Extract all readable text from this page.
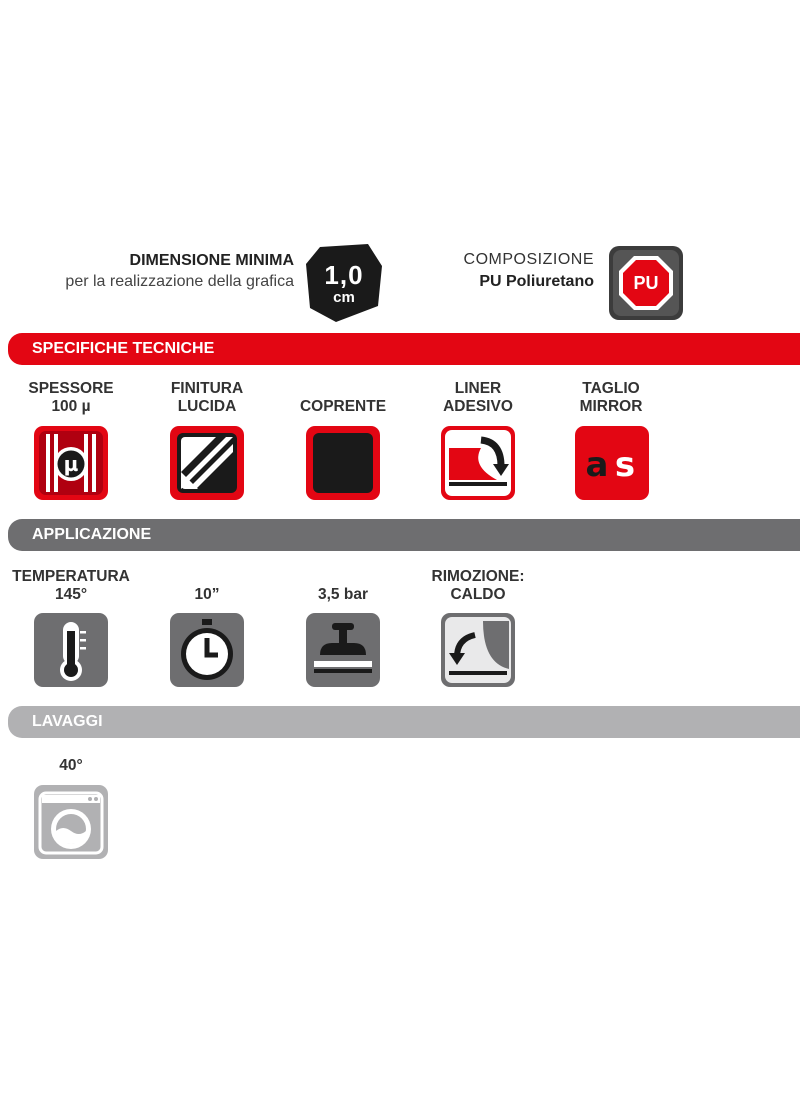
DIMENSIONE MINIMA
per la realizzazione della grafica 1,0
cm
COMPOSIZIONE
PU Poliuretano	PU
SPECIFICHE TECNICHE
SPESSORE
100 µ
FINITURA
LUCIDA	COPRENTE
LINER
ADESIVO
TAGLIO
MIRROR
µ	a s
APPLICAZIONE
TEMPERATURA
145°	10”	3,5 bar
RIMOZIONE:
CALDO
LAVAGGI
40°
